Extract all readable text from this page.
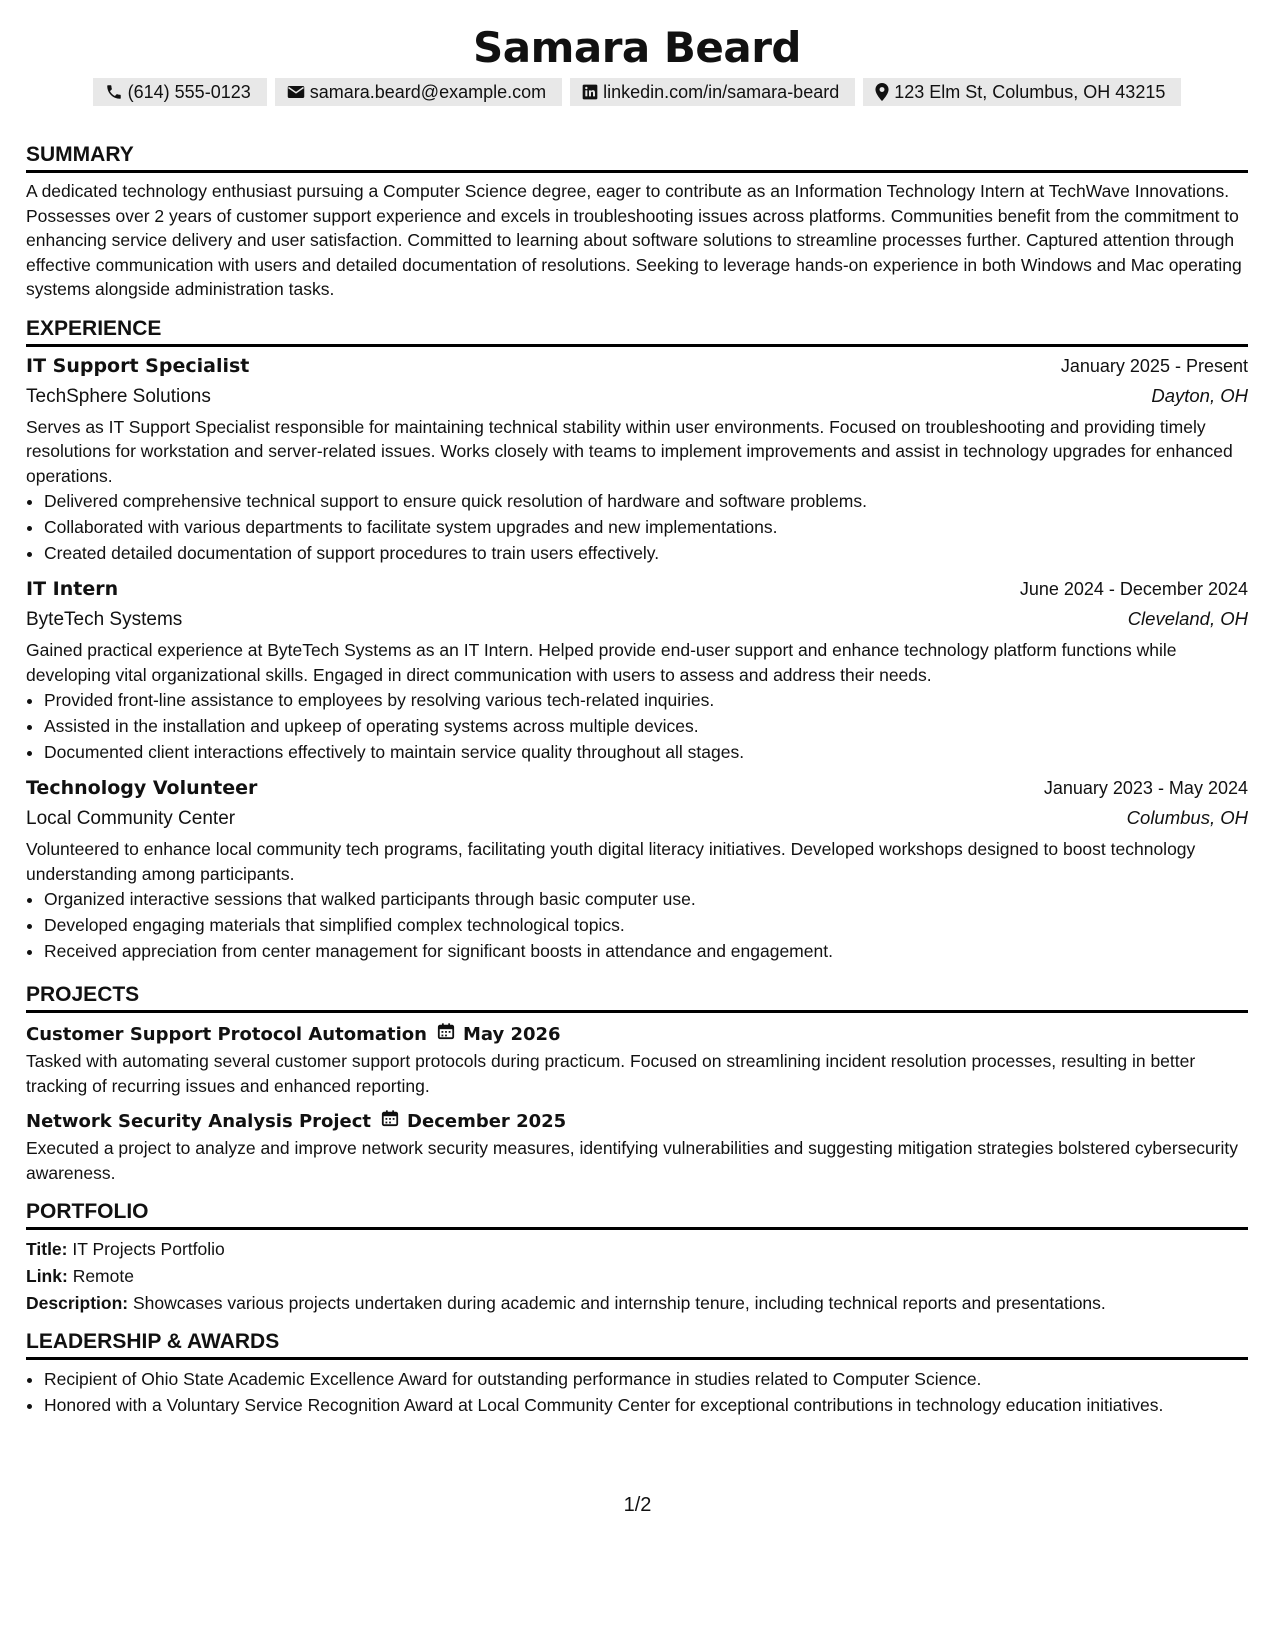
Samara Beard
(614) 555-0123	samara.beard@example.com	linkedin.com/in/samara-beard	123 Elm St, Columbus, OH 43215
SUMMARY

A dedicated technology enthusiast pursuing a Computer Science degree, eager to contribute as an Information Technology Intern at TechWave Innovations. Possesses over 2 years of customer support experience and excels in troubleshooting issues across platforms. Communities benefit from the commitment to enhancing service delivery and user satisfaction. Committed to learning about software solutions to streamline processes further. Captured attention through effective communication with users and detailed documentation of resolutions. Seeking to leverage hands-on experience in both Windows and Mac operating systems alongside administration tasks.

EXPERIENCE
IT Support Specialist	January 2025 - Present
TechSphere Solutions	Dayton, OH

Serves as IT Support Specialist responsible for maintaining technical stability within user environments. Focused on troubleshooting and providing timely resolutions for workstation and server-related issues. Works closely with teams to implement improvements and assist in technology upgrades for enhanced operations.

• Delivered comprehensive technical support to ensure quick resolution of hardware and software problems.
• Collaborated with various departments to facilitate system upgrades and new implementations.
• Created detailed documentation of support procedures to train users effectively.
IT Intern	June 2024 - December 2024
ByteTech Systems	Cleveland, OH

Gained practical experience at ByteTech Systems as an IT Intern. Helped provide end-user support and enhance technology platform functions while developing vital organizational skills. Engaged in direct communication with users to assess and address their needs.

• Provided front-line assistance to employees by resolving various tech-related inquiries.
• Assisted in the installation and upkeep of operating systems across multiple devices.
• Documented client interactions effectively to maintain service quality throughout all stages.
Technology Volunteer	January 2023 - May 2024
Local Community Center	Columbus, OH

Volunteered to enhance local community tech programs, facilitating youth digital literacy initiatives. Developed workshops designed to boost technology understanding among participants.

• Organized interactive sessions that walked participants through basic computer use.
• Developed engaging materials that simplified complex technological topics.
• Received appreciation from center management for significant boosts in attendance and engagement.
PROJECTS
Customer Support Protocol Automation May 2026

Tasked with automating several customer support protocols during practicum. Focused on streamlining incident resolution processes, resulting in better tracking of recurring issues and enhanced reporting.

Network Security Analysis Project December 2025

Executed a project to analyze and improve network security measures, identifying vulnerabilities and suggesting mitigation strategies bolstered cybersecurity awareness.

PORTFOLIO
Title: IT Projects Portfolio
Link: Remote
Description: Showcases various projects undertaken during academic and internship tenure, including technical reports and presentations.
LEADERSHIP & AWARDS
• Recipient of Ohio State Academic Excellence Award for outstanding performance in studies related to Computer Science.
• Honored with a Voluntary Service Recognition Award at Local Community Center for exceptional contributions in technology education initiatives.
1/2
